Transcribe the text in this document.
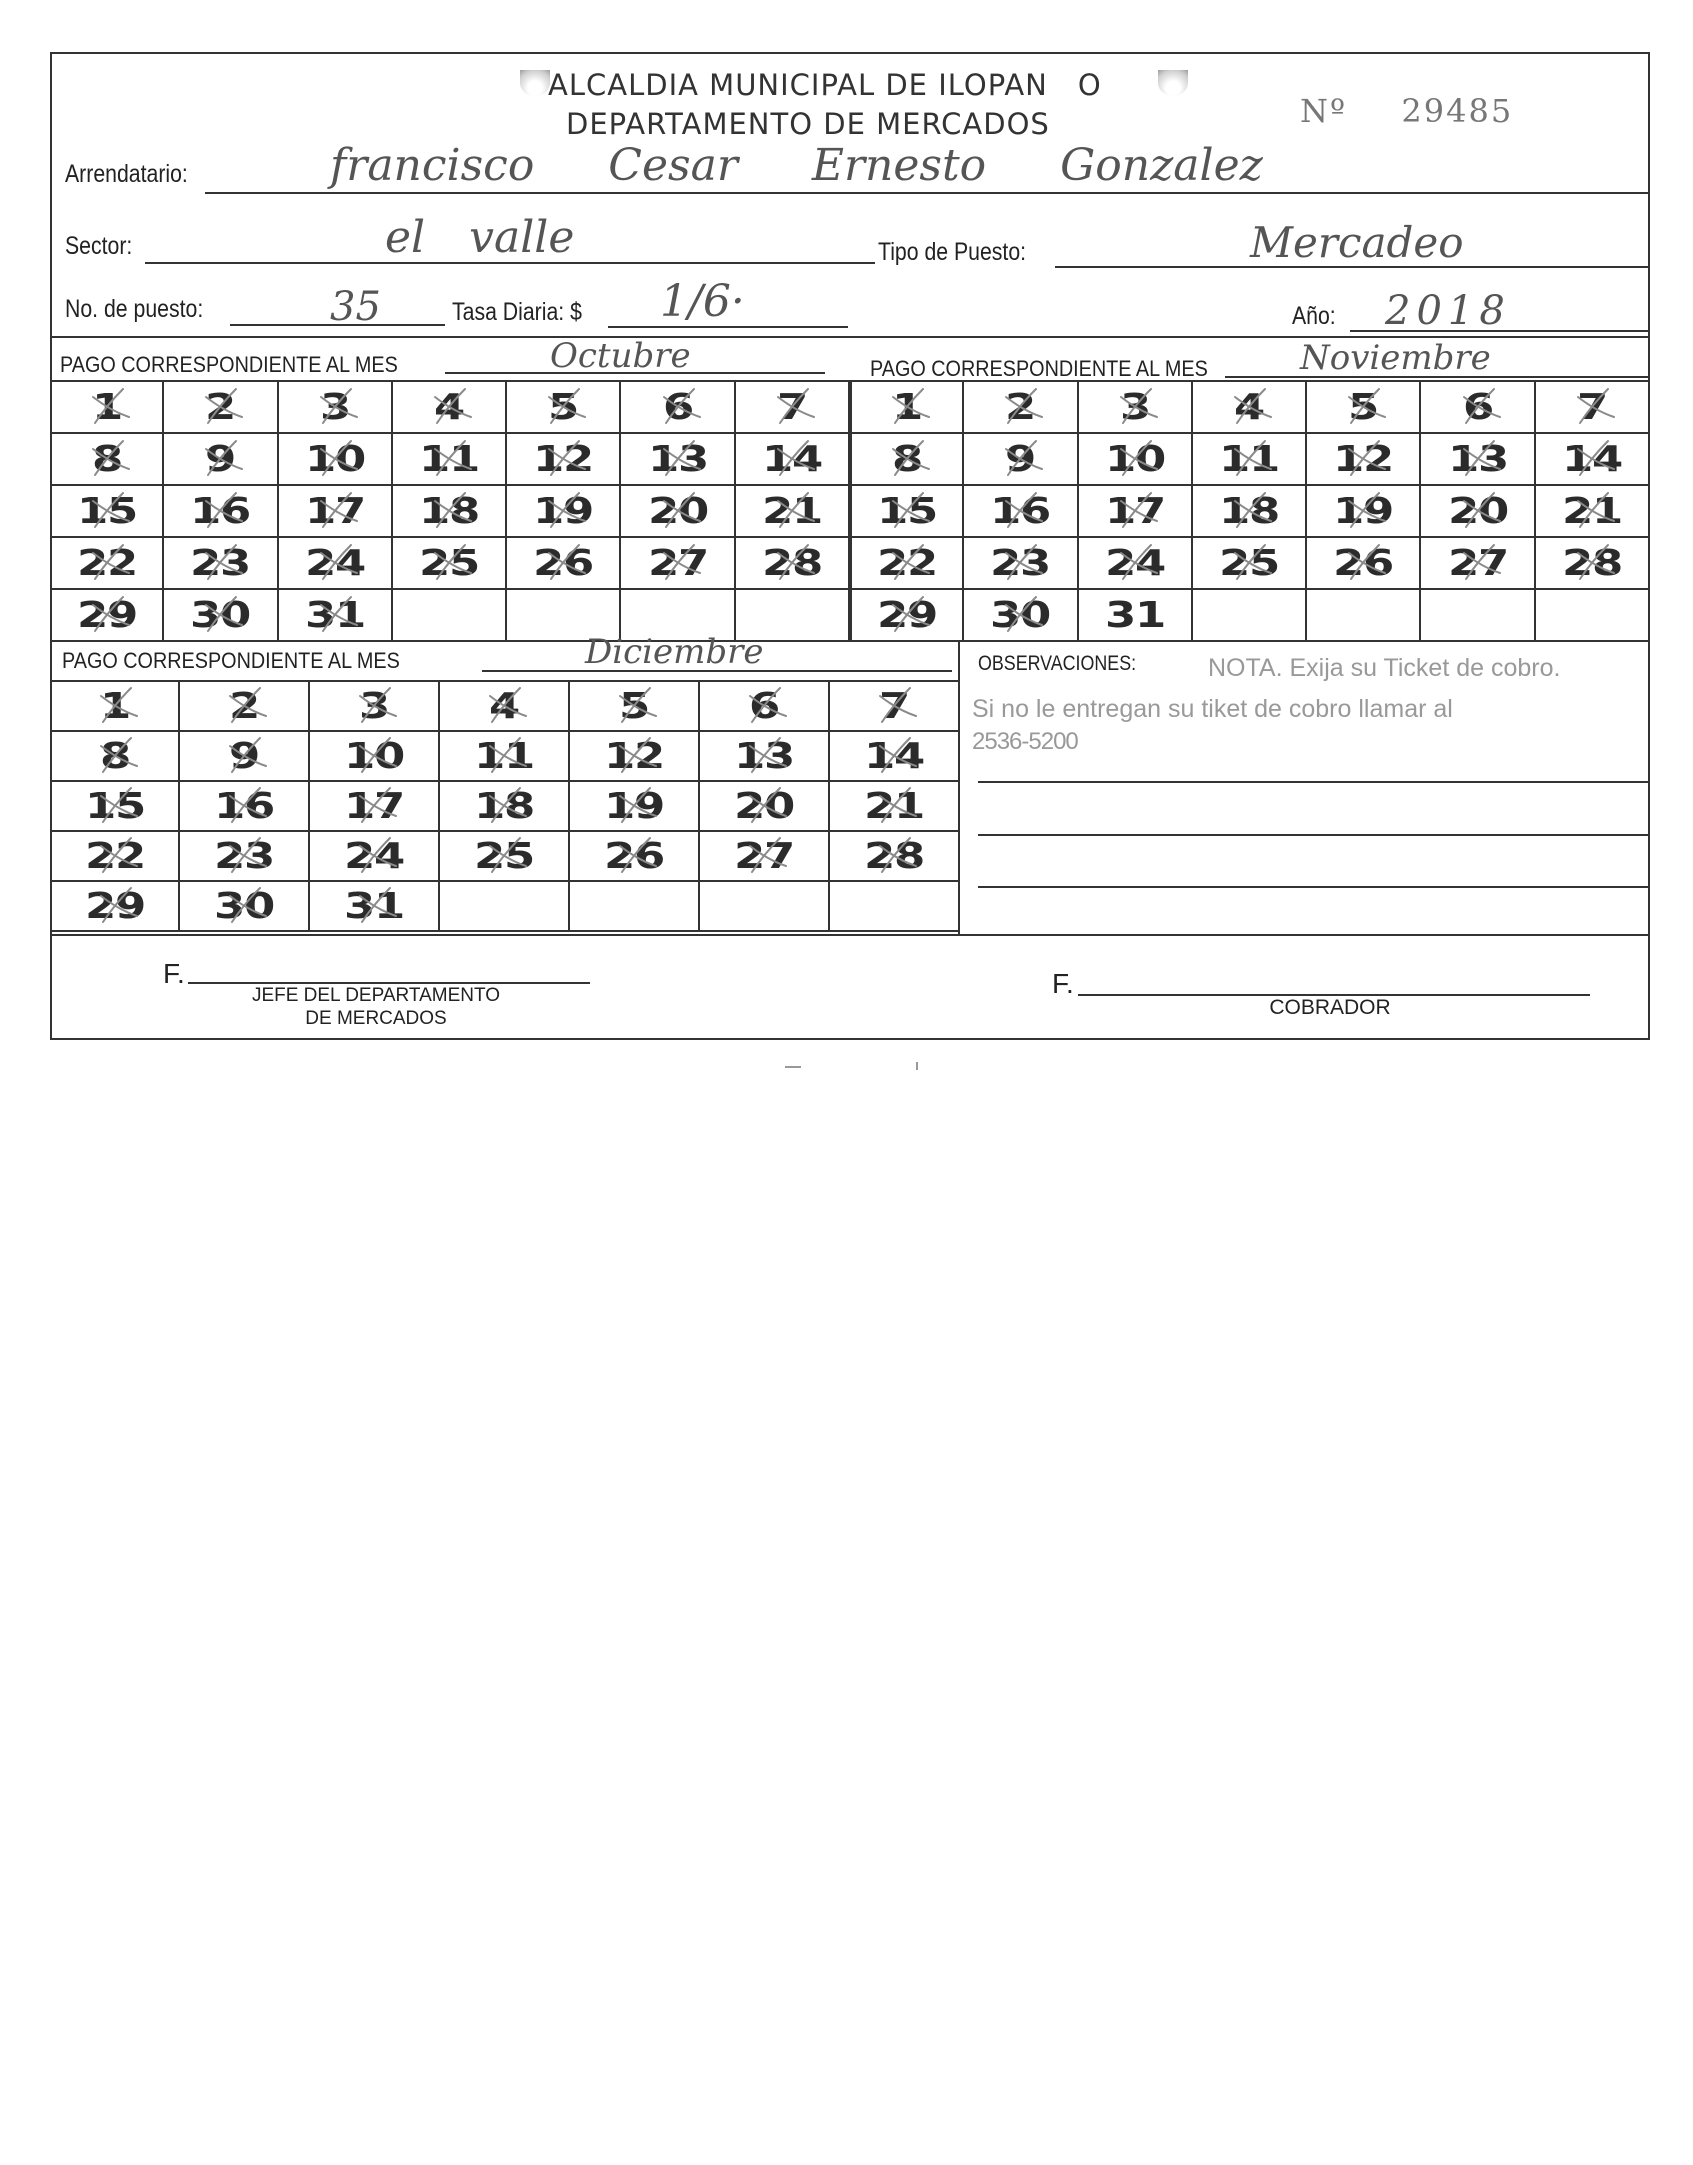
ALCALDIA MUNICIPAL DE ILOPAN O
DEPARTAMENTO DE MERCADOS	Nº 29485
Arrendatario:	francisco Cesar Ernesto Gonzalez
Sector:	el valle	Tipo de Puesto:	Mercadeo
No. de puesto:	35	Tasa Diaria: $ 1/6·	Año: 2018
PAGO CORRESPONDIENTE AL MES	Octubre	PAGO CORRESPONDIENTE AL MES	Noviembre
1 2 3 4 5 6 7
8 9 10 11 12 13 14
15 16 17 18 19 20 21
22 23 24 25 26 27 28
29 30 31
1 2 3 4 5 6 7
8 9 10 11 12 13 14
15 16 17 18 19 20 21
22 23 24 25 26 27 28
29 30 31
PAGO CORRESPONDIENTE AL MES	Diciembre
1	2	3	4	5	6	7
8	9 10 11 12 13 14
15 16 17 18 19 20 21
22 23 24 25 26 27 28
29 30 31
OBSERVACIONES:	NOTA. Exija su Ticket de cobro.
Si no le entregan su tiket de cobro llamar al
2536-5200
F.
JEFE DEL DEPARTAMENTO
DE MERCADOS
F.
COBRADOR
